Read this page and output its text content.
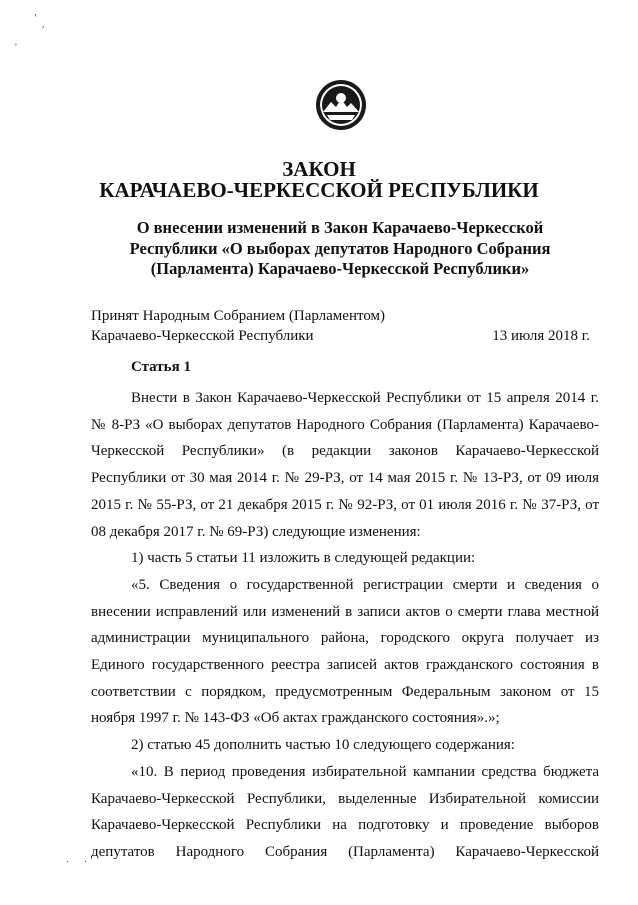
‛
,
˳
· ·
ЗАКОН
КАРАЧАЕВО-ЧЕРКЕССКОЙ РЕСПУБЛИКИ
О внесении изменений в Закон Карачаево-Черкесской
Республики «О выборах депутатов Народного Собрания
(Парламента) Карачаево-Черкесской Республики»
Принят Народным Собранием (Парламентом)
Карачаево-Черкесской Республики	13 июля 2018 г.
Статья 1

Внести в Закон Карачаево-Черкесской Республики от 15 апреля 2014 г. № 8-РЗ «О выборах депутатов Народного Собрания (Парламента) Карачаево-Черкесской Республики» (в редакции законов Карачаево-Черкесской Республики от 30 мая 2014 г. № 29-РЗ, от 14 мая 2015 г. № 13-РЗ, от 09 июля 2015 г. № 55-РЗ, от 21 декабря 2015 г. № 92-РЗ, от 01 июля 2016 г. № 37-РЗ, от 08 декабря 2017 г. № 69-РЗ) следующие изменения:

1) часть 5 статьи 11 изложить в следующей редакции:

«5. Сведения о государственной регистрации смерти и сведения о внесении исправлений или изменений в записи актов о смерти глава местной администрации муниципального района, городского округа получает из Единого государственного реестра записей актов гражданского состояния в соответствии с порядком, предусмотренным Федеральным законом от 15 ноября 1997 г. № 143-ФЗ «Об актах гражданского состояния».»;

2) статью 45 дополнить частью 10 следующего содержания:

«10. В период проведения избирательной кампании средства бюджета Карачаево-Черкесской Республики, выделенные Избирательной комиссии Карачаево-Черкесской Республики на подготовку и проведение выборов депутатов Народного Собрания (Парламента) Карачаево-Черкесской
